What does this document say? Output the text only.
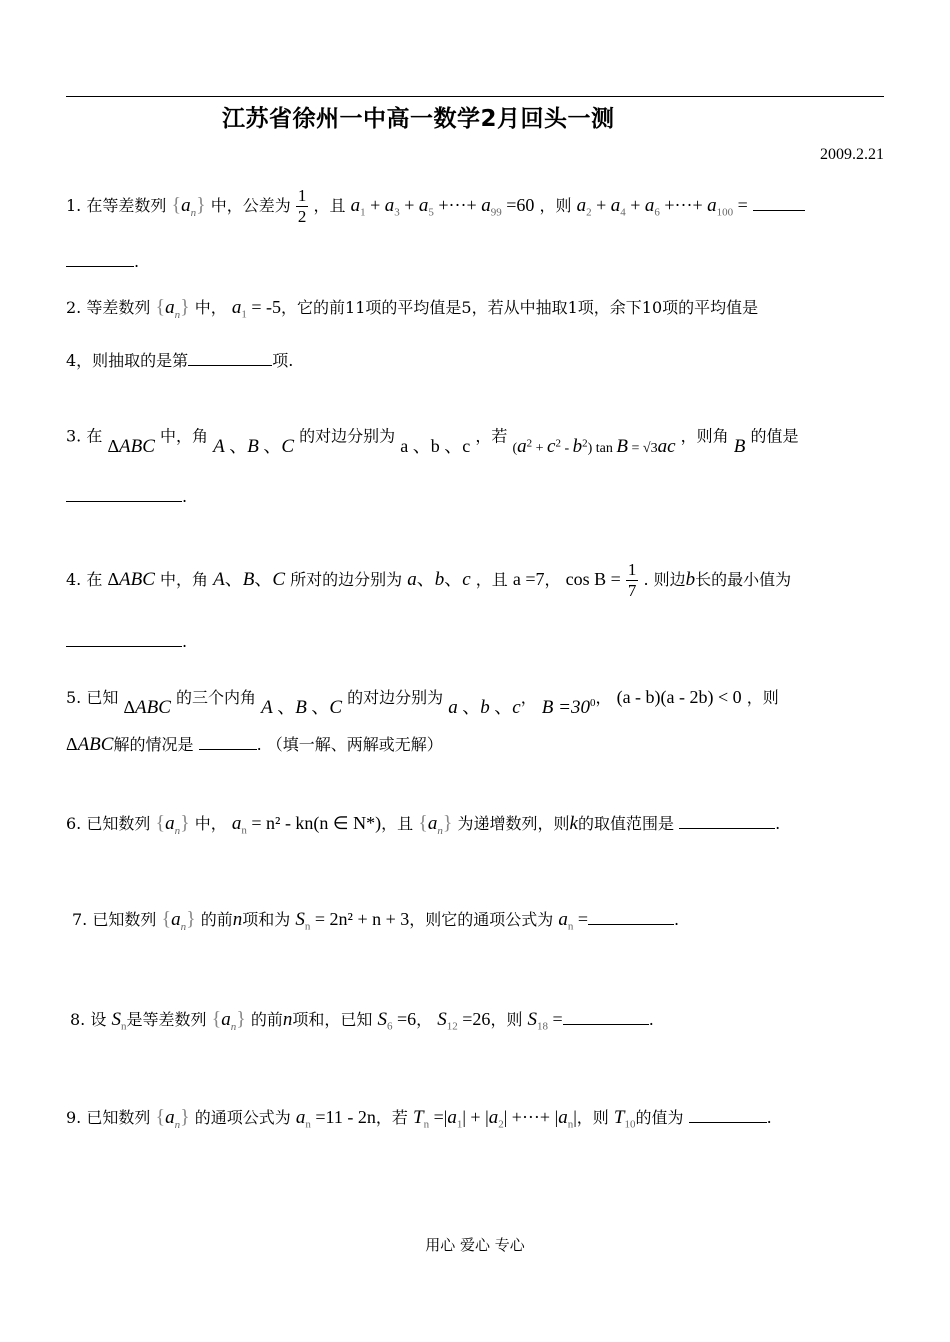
江苏省徐州一中高一数学2月回头一测
2009.2.21
1. 在等差数列 $\{a_n\}$ 中，公差为 $\frac{1}{2}$ ，且 $a_1 + a_3 + a_5$ +···+ $a_{99} =60$ ，则 $a_2 + a_4 + a_6$ +···+ $a_{100}$ =
.
2. 等差数列 $\{a_n\}$ 中， $a_1 = -5$，它的前11项的平均值是5，若从中抽取1项，余下10项的平均值是
4，则抽取的是第	项.
3. 在 ΔABC 中，角 A 、B 、C 的对边分别为 a 、b 、c ，若 $(a^2 + c^2 - b^2)$ tan B = √3ac ，则角 B 的值是
.
4. 在 ΔABC 中，角 A、B、C 所对的边分别为 a、b、c ，且 a =7， $\cos B = \frac{1}{7}$ . 则边b长的最小值为
.
5. 已知 ΔABC 的三个内角 A 、B 、C 的对边分别为 a 、b 、c， $B =30^0$， (a - b)(a - 2b) < 0 ，则
ΔABC解的情况是	. （填一解、两解或无解）
6. 已知数列 $\{a_n\}$ 中， $a_n = n^2 - kn(n$ ∈ N*)，且 $\{a_n\}$ 为递增数列，则k的取值范围是	.
7. 已知数列 $\{a_n\}$ 的前n项和为 $S_n = 2n^2 + n + 3$，则它的通项公式为 $a_n$ =	.
8. 设 $S_n$是等差数列 $\{a_n\}$ 的前n项和，已知 $S_6 =6$， $S_{12} =26$，则 $S_{18}$ =	.
9. 已知数列 $\{a_n\}$ 的通项公式为 $a_n =11 - 2n$，若 $T_n =|a_1| + |a_2|$ +···+ $|a_n|$，则 $T_{10}$的值为	.
用心 爱心 专心
